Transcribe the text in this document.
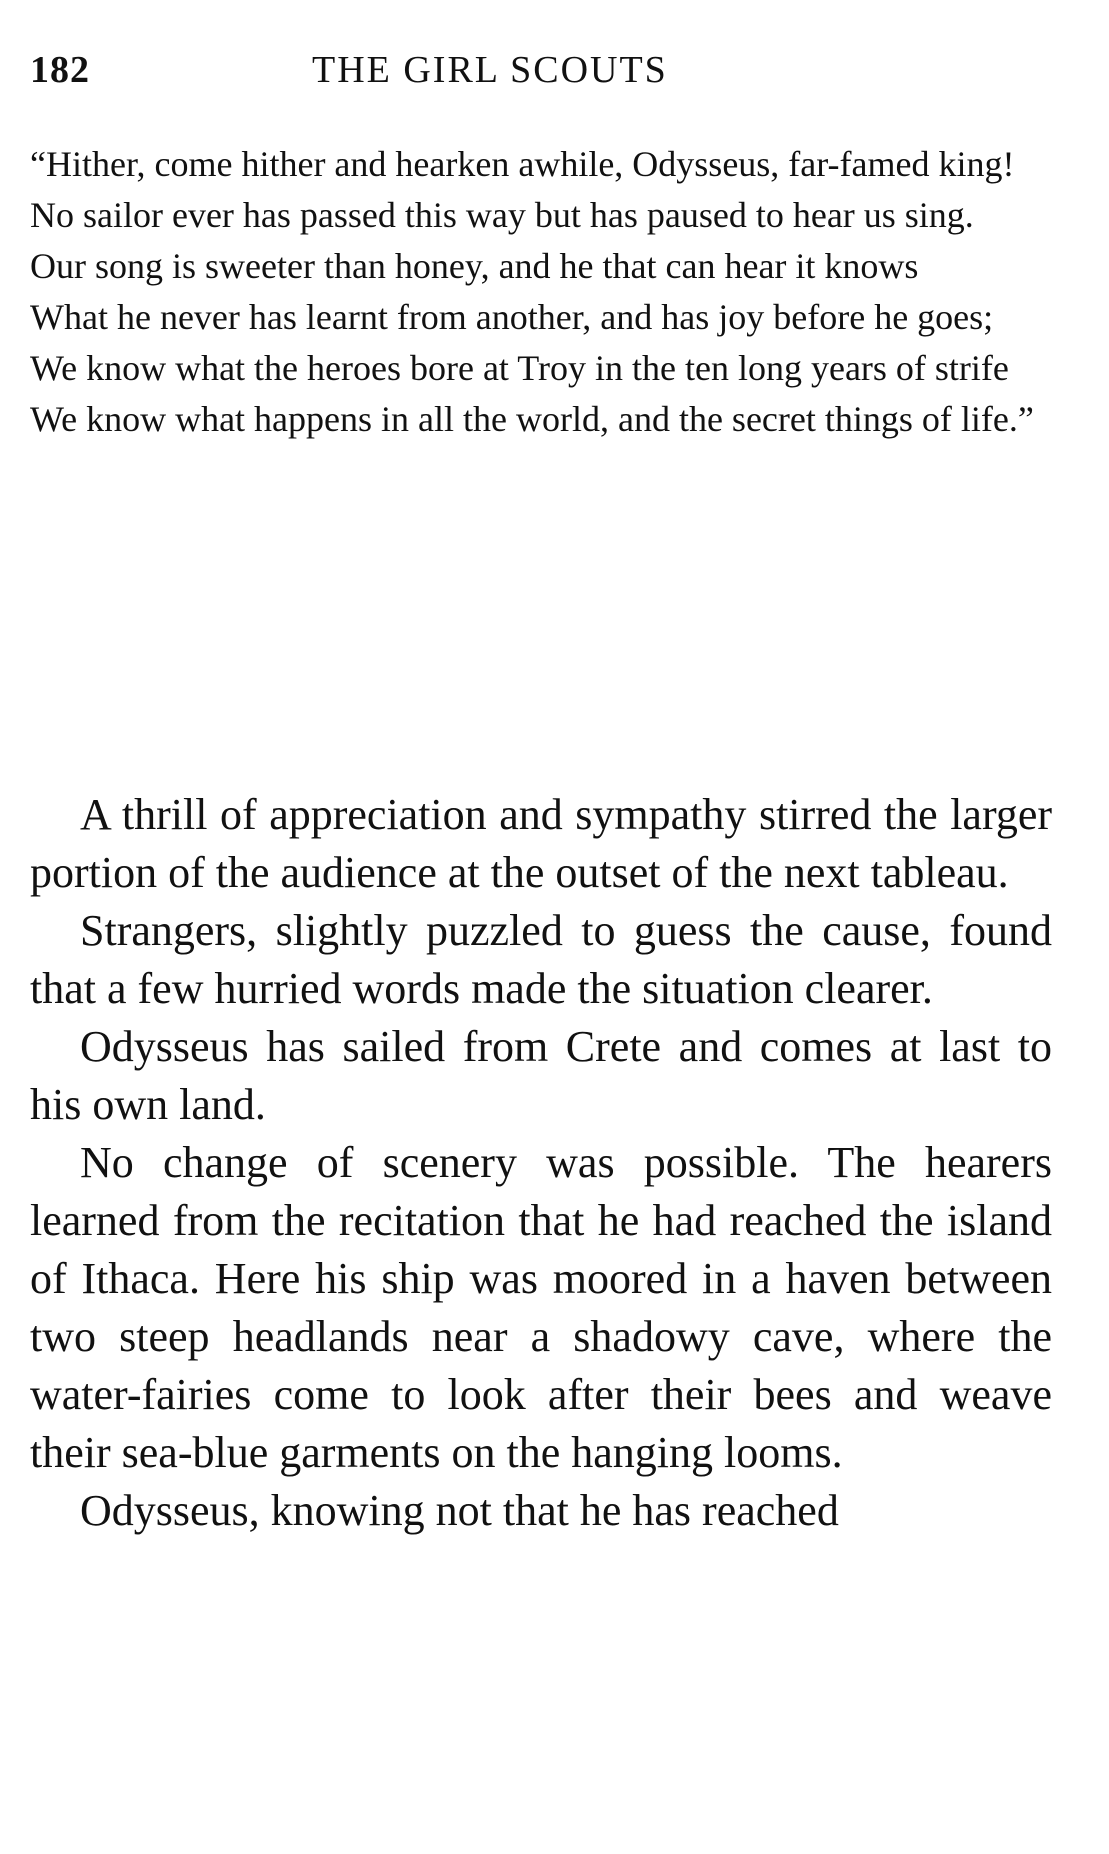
182	THE GIRL SCOUTS

“Hither, come hither and hearken awhile, Odysseus, far-famed king!

No sailor ever has passed this way but has paused to hear us sing.

Our song is sweeter than honey, and he that can hear it knows

What he never has learnt from another, and has joy before he goes;

We know what the heroes bore at Troy in the ten long years of strife

We know what happens in all the world, and the secret things of life.”

A thrill of appreciation and sympathy stirred the larger portion of the audience at the outset of the next tableau.

Strangers, slightly puzzled to guess the cause, found that a few hurried words made the situation clearer.

Odysseus has sailed from Crete and comes at last to his own land.

No change of scenery was possible. The hearers learned from the recitation that he had reached the island of Ithaca. Here his ship was moored in a haven between two steep headlands near a shadowy cave, where the water-fairies come to look after their bees and weave their sea-blue garments on the hanging looms.

Odysseus, knowing not that he has reached
